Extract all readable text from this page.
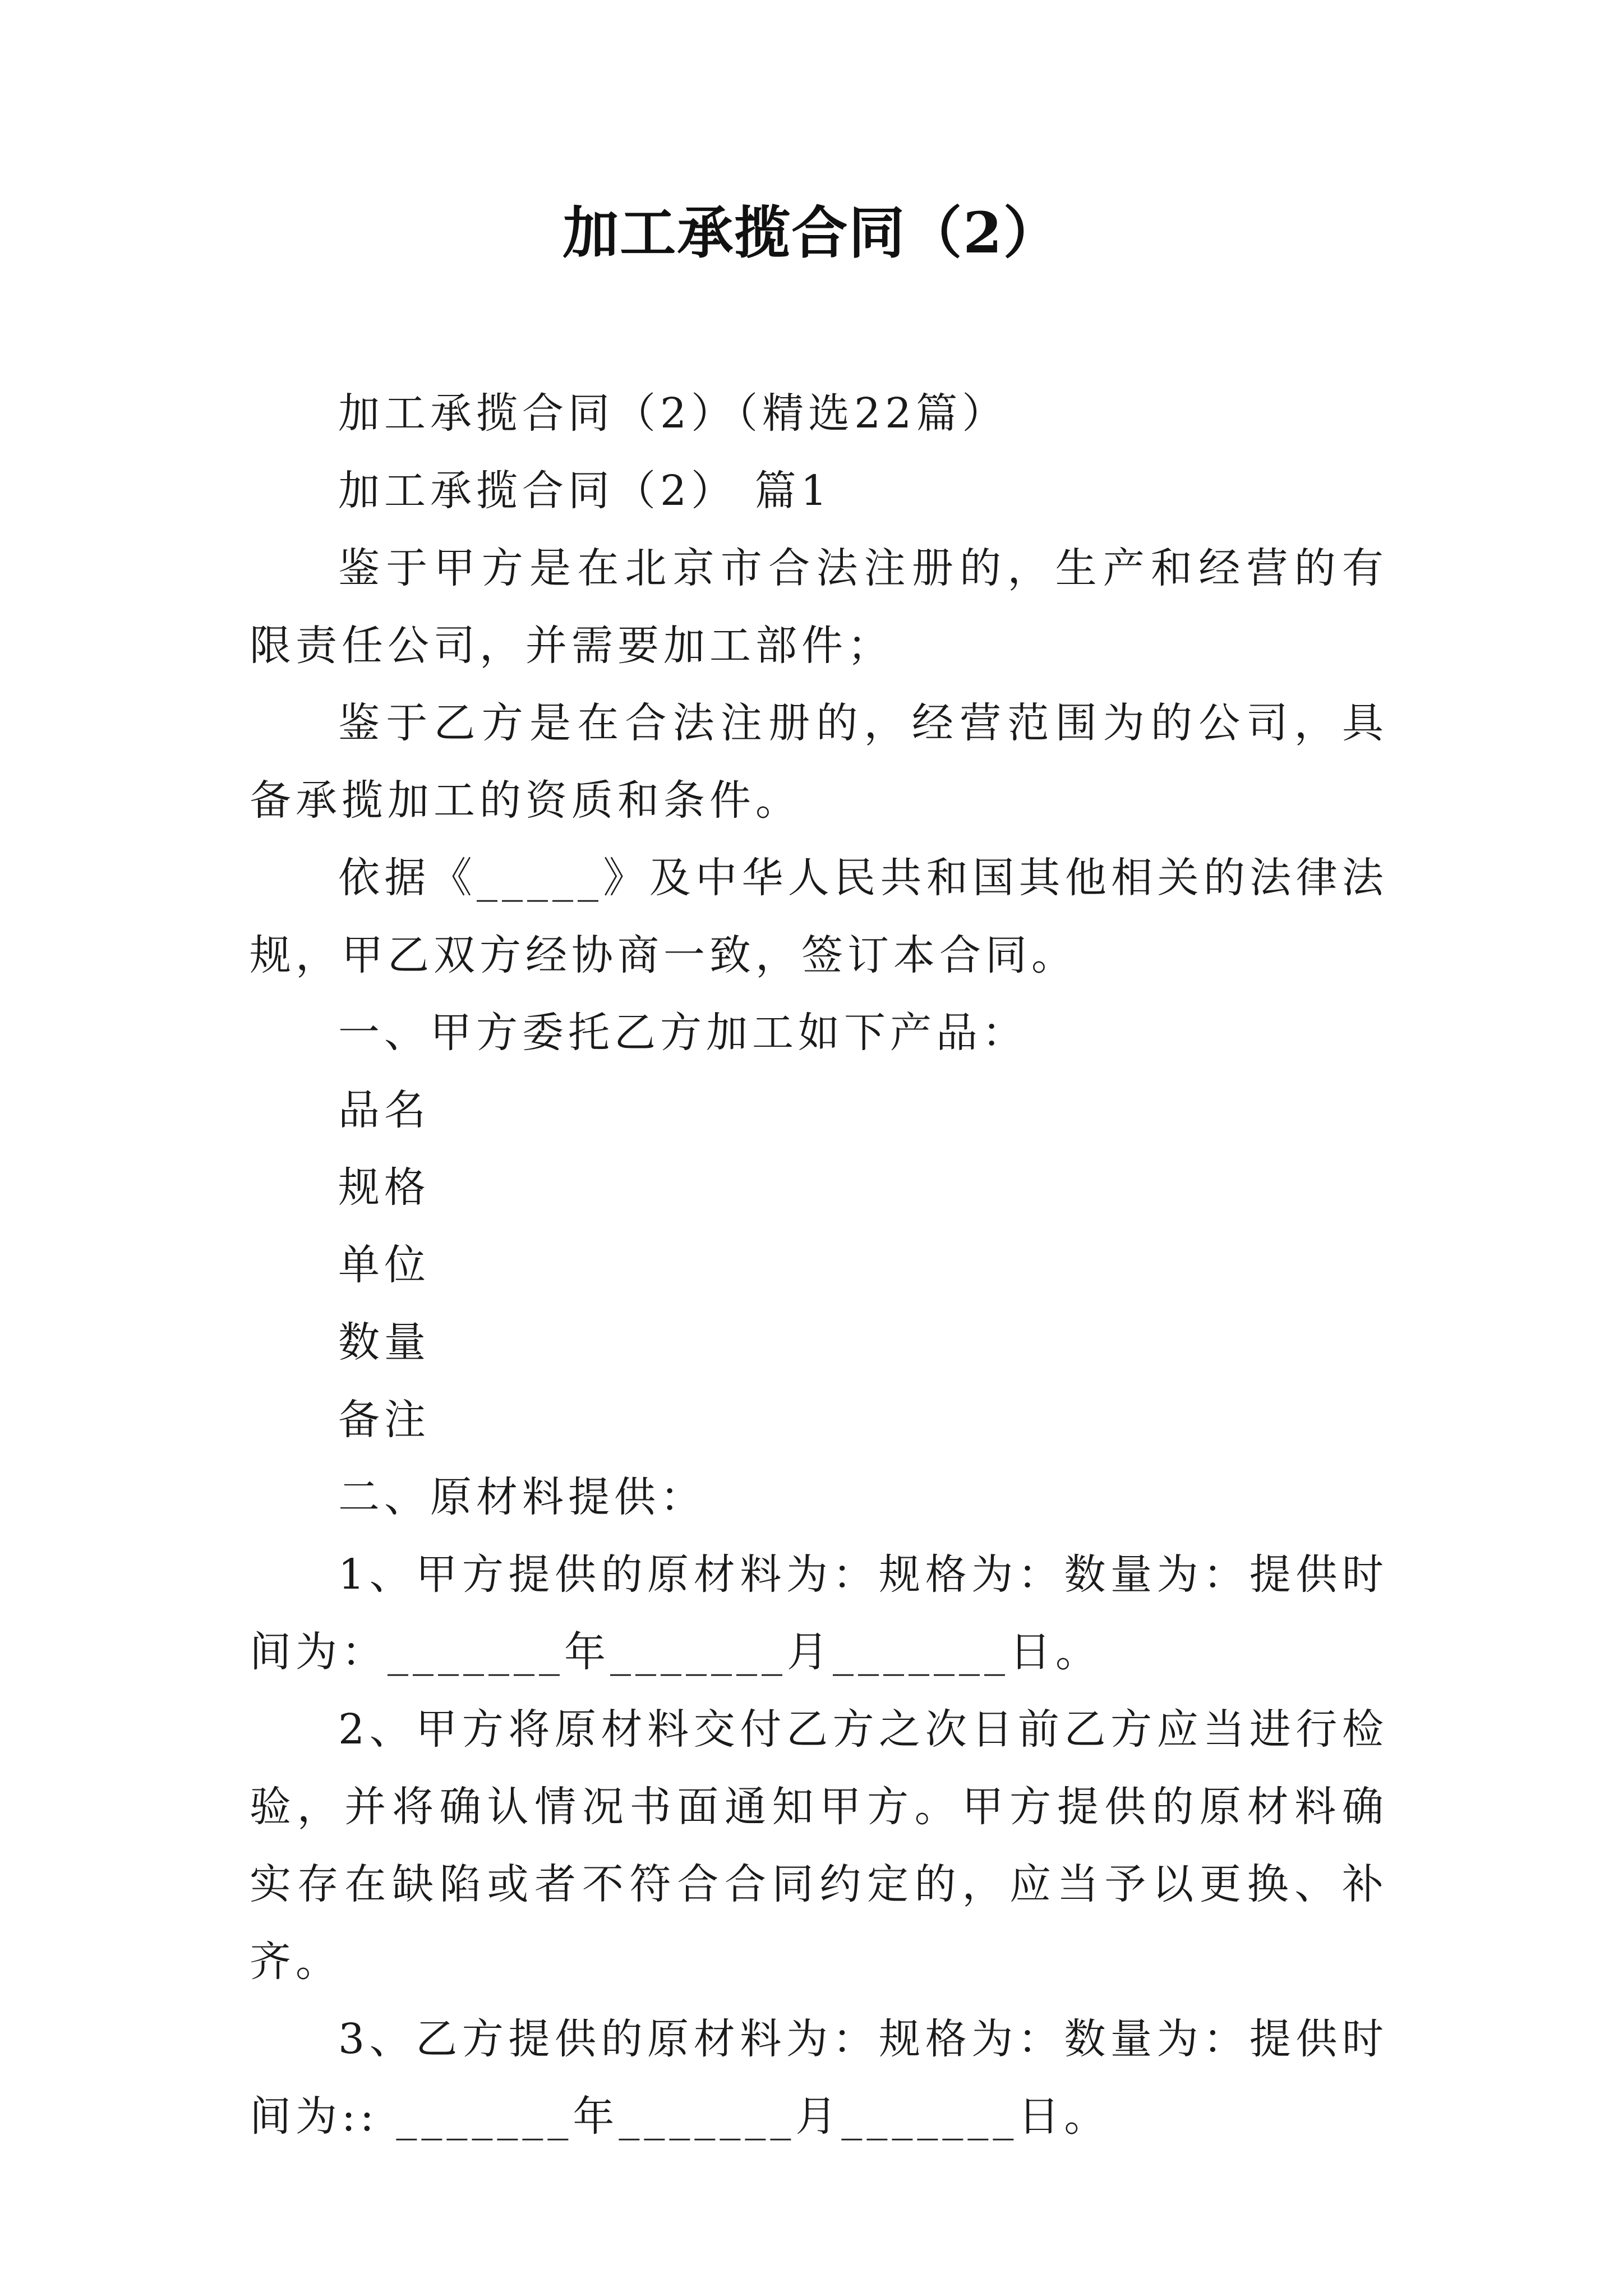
加工承揽合同（2）

加工承揽合同（2）（精选22篇）

加工承揽合同（2） 篇1

鉴于甲方是在北京市合法注册的，生产和经营的有限责任公司，并需要加工部件；

鉴于乙方是在合法注册的，经营范围为的公司，具备承揽加工的资质和条件。

依据《_____》及中华人民共和国其他相关的法律法规，甲乙双方经协商一致，签订本合同。

一、甲方委托乙方加工如下产品：

品名

规格

单位

数量

备注

二、原材料提供：

1、甲方提供的原材料为：规格为：数量为：提供时间为：_______年_______月_______日。

2、甲方将原材料交付乙方之次日前乙方应当进行检验，并将确认情况书面通知甲方。甲方提供的原材料确实存在缺陷或者不符合合同约定的，应当予以更换、补齐。

3、乙方提供的原材料为：规格为：数量为：提供时间为:: _______年_______月_______日。
